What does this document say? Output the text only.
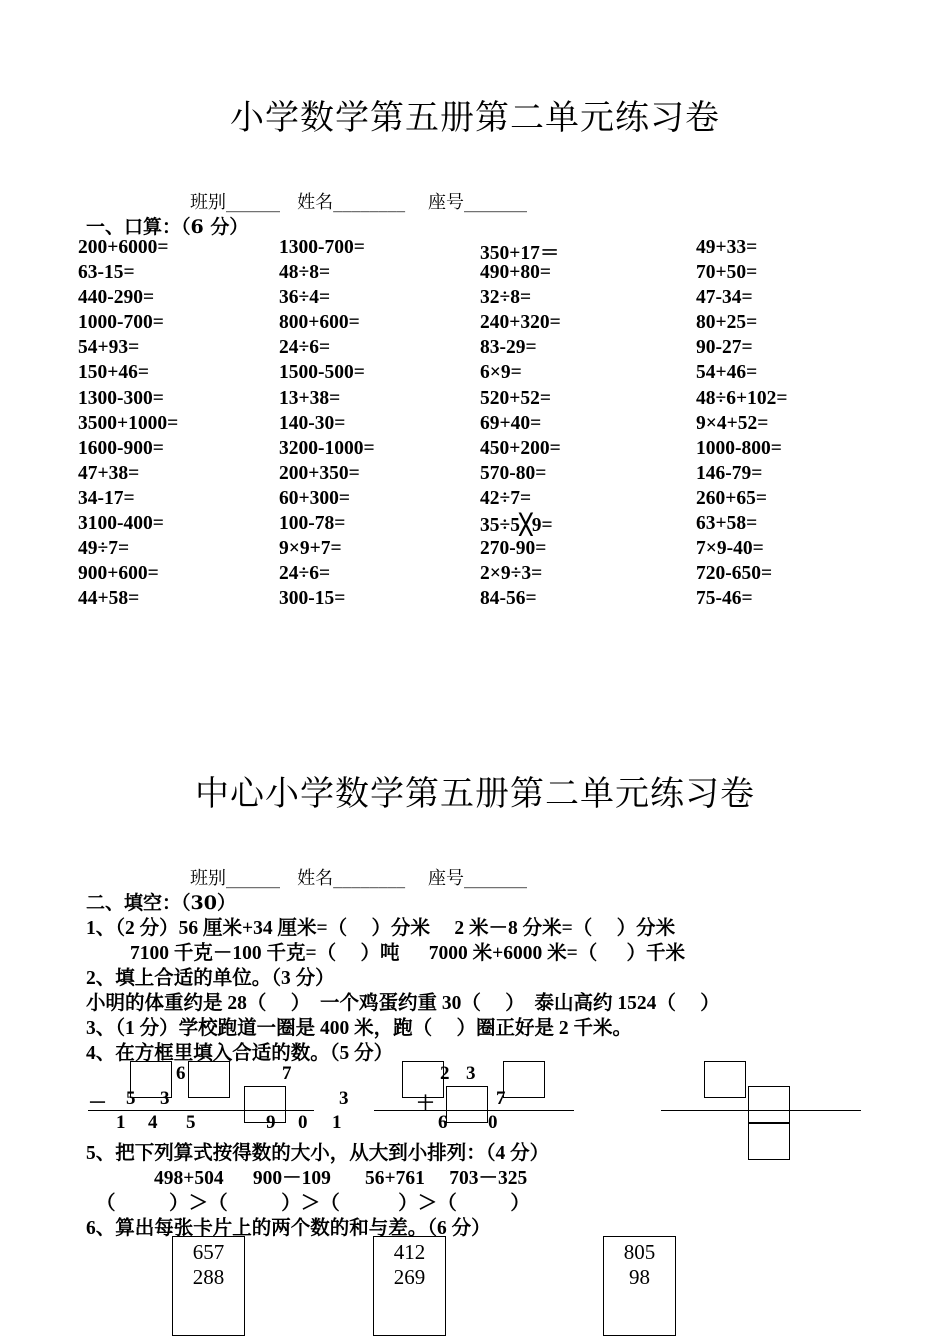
小学数学第五册第二单元练习卷
班别______   姓名________    座号_______
一、口算：（6 分）
200+6000=	1300-700=	350+17＝	49+33=
63-15=	48÷8=	490+80=	70+50=
440-290=	36÷4=	32÷8=	47-34=
1000-700=	800+600=	240+320=	80+25=
54+93=	24÷6=	83-29=	90-27=
150+46=	1500-500=	6×9=	54+46=
1300-300=	13+38=	520+52=	48÷6+102=
3500+1000=	140-30=	69+40=	9×4+52=
1600-900=	3200-1000=	450+200=	1000-800=
47+38=	200+350=	570-80=	146-79=
34-17=	60+300=	42÷7=	260+65=
3100-400=	100-78=	35÷5╳9=	63+58=
49÷7=	9×9+7=	270-90=	7×9-40=
900+600=	24÷6=	2×9÷3=	720-650=
44+58=	300-15=	84-56=	75-46=
中心小学数学第五册第二单元练习卷
班别______   姓名________    座号_______
二、填空：（30）
1、（2 分）56 厘米+34 厘米=（     ）分米     2 米－8 分米=（     ）分米
7100 千克－100 千克=（     ）吨      7000 米+6000 米=（      ）千米
2、填上合适的单位。（3 分）
小明的体重约是 28（     ）  一个鸡蛋约重 30（     ）  泰山高约 1524（     ）
3、（1 分）学校跑道一圈是 400 米，跑（     ）圈正好是 2 千米。
4、在方框里填入合适的数。（5 分）
6	7
－ 5 3	3
1 4 5	9 0 1
2 3
＋	7
6 0
5、把下列算式按得数的大小，从大到小排列：（4 分）
498+504      900－109       56+761     703－325
（           ）＞（           ）＞（            ）＞（           ）
6、算出每张卡片上的两个数的和与差。（6 分）
657
288
412
269
805
98
